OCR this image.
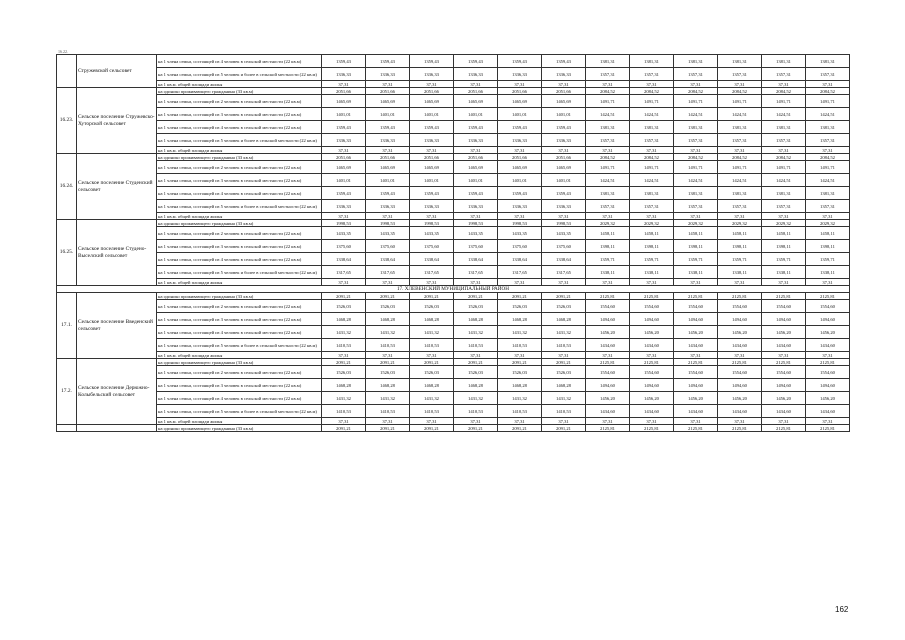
16.22.
	Стружевской сельсовет	на 1 члена семьи, состоящей из 4 человек в сельской местности (22 кв.м)	1359,43	1359,43	1359,43	1359,43	1359,43	1359,43	1381,31	1381,31	1381,31	1381,31	1381,31	1381,31
		на 1 члена семьи, состоящей из 5 человек и более в сельской местности (22 кв.м)	1336,33	1336,33	1336,33	1336,33	1336,33	1336,33	1357,31	1357,31	1357,31	1357,31	1357,31	1357,31
		на 1 кв.м. общей площади жилья	37,31	37,31	37,31	37,31	37,31	37,31	37,31	37,31	37,31	37,31	37,31	37,31
16.23.	Сельское поселение Стружевско-Хуторской сельсовет	на одиноко проживающего гражданина (33 кв.м)	2051,66	2051,66	2051,66	2051,66	2051,66	2051,66	2084,52	2084,52	2084,52	2084,52	2084,52	2084,52
		на 1 члена семьи, состоящей из 2 человек в сельской местности (22 кв.м)	1465,69	1465,69	1465,69	1465,69	1465,69	1465,69	1491,71	1491,71	1491,71	1491,71	1491,71	1491,71
		на 1 члена семьи, состоящей из 3 человек в сельской местности (22 кв.м)	1401,01	1401,01	1401,01	1401,01	1401,01	1401,01	1424,51	1424,51	1424,51	1424,51	1424,51	1424,51
		на 1 члена семьи, состоящей из 4 человек в сельской местности (22 кв.м)	1359,43	1359,43	1359,43	1359,43	1359,43	1359,43	1381,31	1381,31	1381,31	1381,31	1381,31	1381,31
		на 1 члена семьи, состоящей из 5 человек и более в сельской местности (22 кв.м)	1336,33	1336,33	1336,33	1336,33	1336,33	1336,33	1357,31	1357,31	1357,31	1357,31	1357,31	1357,31
		на 1 кв.м. общей площади жилья	37,31	37,31	37,31	37,31	37,31	37,31	37,31	37,31	37,31	37,31	37,31	37,31
16.24.	Сельское поселение Студенский сельсовет	на одиноко проживающего гражданина (33 кв.м)	2051,66	2051,66	2051,66	2051,66	2051,66	2051,66	2084,52	2084,52	2084,52	2084,52	2084,52	2084,52
		на 1 члена семьи, состоящей из 2 человек в сельской местности (22 кв.м)	1465,69	1465,69	1465,69	1465,69	1465,69	1465,69	1491,71	1491,71	1491,71	1491,71	1491,71	1491,71
		на 1 члена семьи, состоящей из 3 человек в сельской местности (22 кв.м)	1401,01	1401,01	1401,01	1401,01	1401,01	1401,01	1424,51	1424,51	1424,51	1424,51	1424,51	1424,51
		на 1 члена семьи, состоящей из 4 человек в сельской местности (22 кв.м)	1359,43	1359,43	1359,43	1359,43	1359,43	1359,43	1381,31	1381,31	1381,31	1381,31	1381,31	1381,31
		на 1 члена семьи, состоящей из 5 человек и более в сельской местности (22 кв.м)	1336,33	1336,33	1336,33	1336,33	1336,33	1336,33	1357,31	1357,31	1357,31	1357,31	1357,31	1357,31
		на 1 кв.м. общей площади жилья	37,31	37,31	37,31	37,31	37,31	37,31	37,31	37,31	37,31	37,31	37,31	37,31
16.25.	Сельское поселение Студено-Выселский сельсовет	на одиноко проживающего гражданина (33 кв.м)	1998,53	1998,53	1998,53	1998,53	1998,53	1998,53	2029,32	2029,32	2029,32	2029,32	2029,32	2029,32
		на 1 члена семьи, состоящей из 2 человек в сельской местности (22 кв.м)	1433,35	1433,35	1433,35	1433,35	1433,35	1433,35	1458,11	1458,11	1458,11	1458,11	1458,11	1458,11
		на 1 члена семьи, состоящей из 3 человек в сельской местности (22 кв.м)	1375,60	1375,60	1375,60	1375,60	1375,60	1375,60	1398,11	1398,11	1398,11	1398,11	1398,11	1398,11
		на 1 члена семьи, состоящей из 4 человек в сельской местности (22 кв.м)	1338,64	1338,64	1338,64	1338,64	1338,64	1338,64	1359,71	1359,71	1359,71	1359,71	1359,71	1359,71
		на 1 члена семьи, состоящей из 5 человек и более в сельской местности (22 кв.м)	1317,65	1317,65	1317,65	1317,65	1317,65	1317,65	1338,11	1338,11	1338,11	1338,11	1338,11	1338,11
		на 1 кв.м. общей площади жилья	37,31	37,31	37,31	37,31	37,31	37,31	37,31	37,31	37,31	37,31	37,31	37,31
17. ХЛЕВЕНСКИЙ МУНИЦИПАЛЬНЫЙ РАЙОН														
17.1.	Сельское поселение Введенский сельсовет	на одиноко проживающего гражданина (33 кв.м)	2091,21	2091,21	2091,21	2091,21	2091,21	2091,21	2125,81	2125,81	2125,81	2125,81	2125,81	2125,81
		на 1 члена семьи, состоящей из 2 человек в сельской местности (22 кв.м)	1526,03	1526,03	1526,03	1526,03	1526,03	1526,03	1554,60	1554,60	1554,60	1554,60	1554,60	1554,60
		на 1 члена семьи, состоящей из 3 человек в сельской местности (22 кв.м)	1468,28	1468,28	1468,28	1468,28	1468,28	1468,28	1494,60	1494,60	1494,60	1494,60	1494,60	1494,60
		на 1 члена семьи, состоящей из 4 человек в сельской местности (22 кв.м)	1431,32	1431,32	1431,32	1431,32	1431,32	1431,32	1456,20	1456,20	1456,20	1456,20	1456,20	1456,20
		на 1 члена семьи, состоящей из 5 человек и более в сельской местности (22 кв.м)	1410,53	1410,53	1410,53	1410,53	1410,53	1410,53	1434,60	1434,60	1434,60	1434,60	1434,60	1434,60
		на 1 кв.м. общей площади жилья	37,31	37,31	37,31	37,31	37,31	37,31	37,31	37,31	37,31	37,31	37,31	37,31
17.2.	Сельское поселение Дерюжно-Колыбельский сельсовет	на одиноко проживающего гражданина (33 кв.м)	2091,21	2091,21	2091,21	2091,21	2091,21	2091,21	2125,81	2125,81	2125,81	2125,81	2125,81	2125,81
		на 1 члена семьи, состоящей из 2 человек в сельской местности (22 кв.м)	1526,03	1526,03	1526,03	1526,03	1526,03	1526,03	1554,60	1554,60	1554,60	1554,60	1554,60	1554,60
		на 1 члена семьи, состоящей из 3 человек в сельской местности (22 кв.м)	1468,28	1468,28	1468,28	1468,28	1468,28	1468,28	1494,60	1494,60	1494,60	1494,60	1494,60	1494,60
		на 1 члена семьи, состоящей из 4 человек в сельской местности (22 кв.м)	1431,32	1431,32	1431,32	1431,32	1431,32	1431,32	1456,20	1456,20	1456,20	1456,20	1456,20	1456,20
		на 1 члена семьи, состоящей из 5 человек и более в сельской местности (22 кв.м)	1410,53	1410,53	1410,53	1410,53	1410,53	1410,53	1434,60	1434,60	1434,60	1434,60	1434,60	1434,60
		на 1 кв.м. общей площади жилья	37,31	37,31	37,31	37,31	37,31	37,31	37,31	37,31	37,31	37,31	37,31	37,31
		на одиноко проживающего гражданина (33 кв.м)	2091,21	2091,21	2091,21	2091,21	2091,21	2091,21	2125,81	2125,81	2125,81	2125,81	2125,81	2125,81
162
